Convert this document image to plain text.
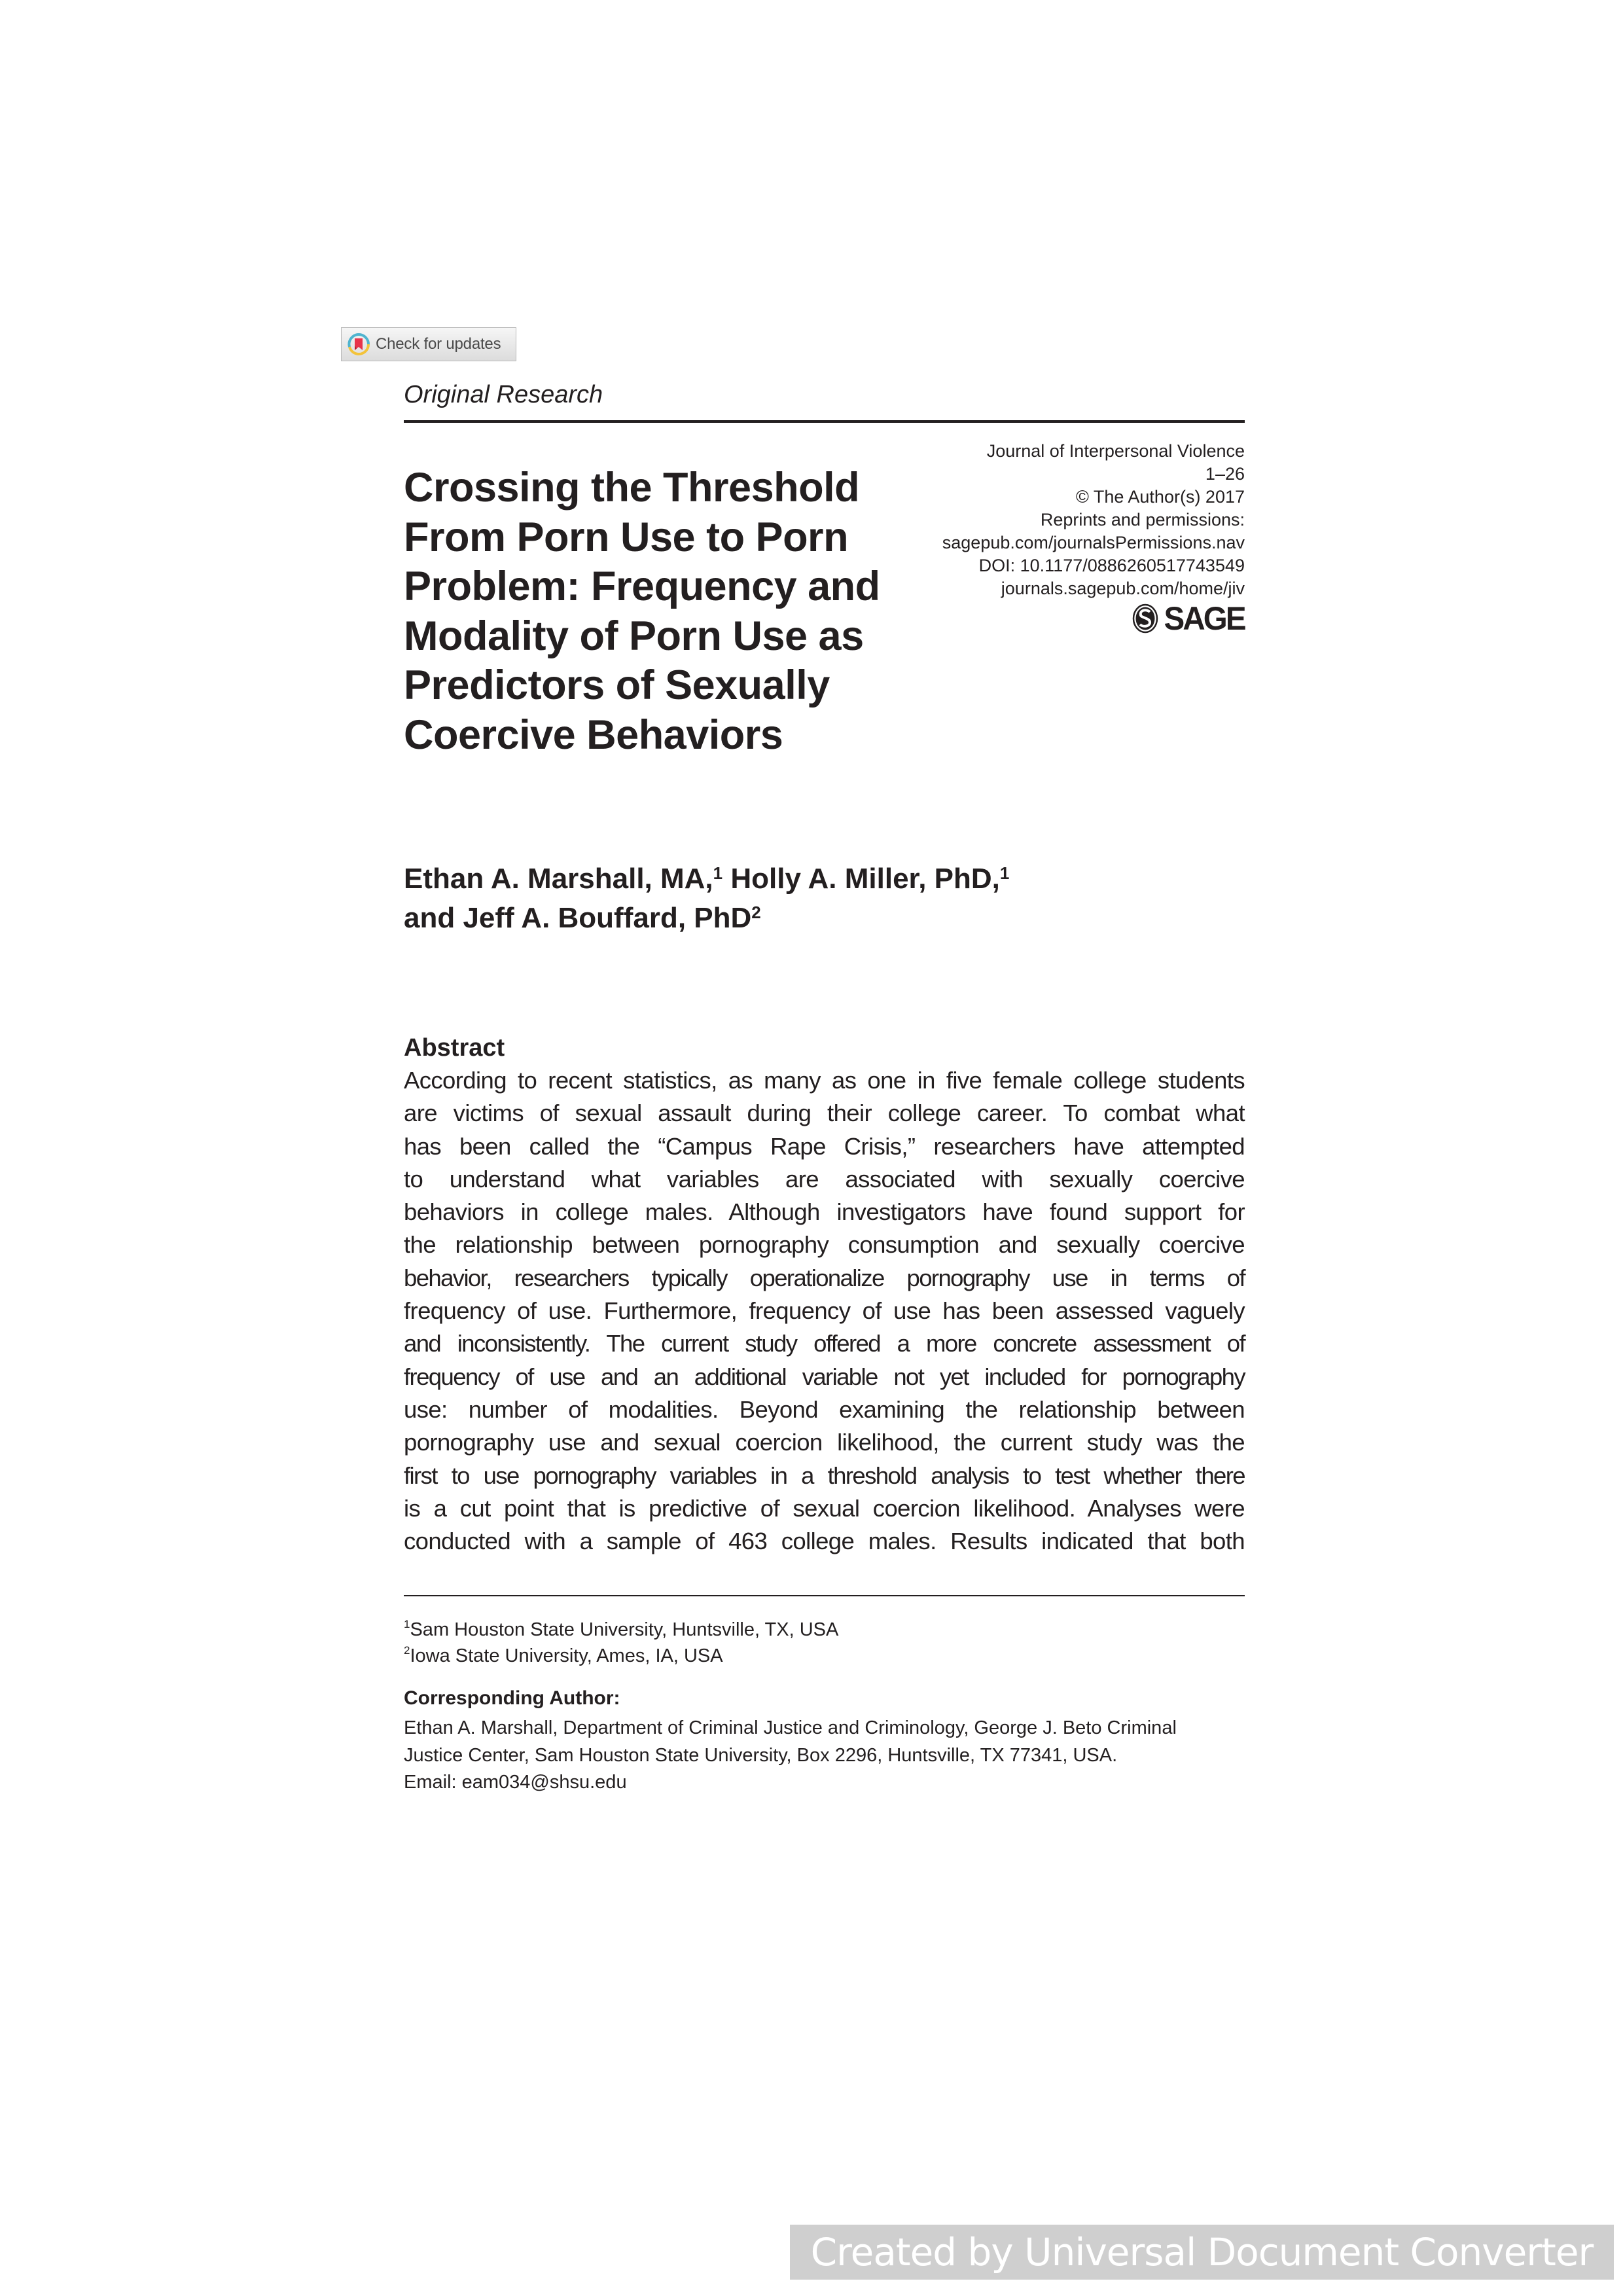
Check for updates
Original Research
Journal of Interpersonal Violence
1–26
© The Author(s) 2017
Reprints and permissions:
sagepub.com/journalsPermissions.nav
DOI: 10.1177/0886260517743549
journals.sagepub.com/home/jiv
SAGE
Crossing the Threshold
From Porn Use to Porn
Problem: Frequency and
Modality of Porn Use as
Predictors of Sexually
Coercive Behaviors
Ethan A. Marshall, MA,$^1$ Holly A. Miller, PhD,$^1$
and Jeff A. Bouffard, PhD$^2$
Abstract
According to recent statistics, as many as one in five female college students
are victims of sexual assault during their college career. To combat what
has been called the “Campus Rape Crisis,” researchers have attempted
to understand what variables are associated with sexually coercive
behaviors in college males. Although investigators have found support for
the relationship between pornography consumption and sexually coercive
behavior, researchers typically operationalize pornography use in terms of
frequency of use. Furthermore, frequency of use has been assessed vaguely
and inconsistently. The current study offered a more concrete assessment of
frequency of use and an additional variable not yet included for pornography
use: number of modalities. Beyond examining the relationship between
pornography use and sexual coercion likelihood, the current study was the
first to use pornography variables in a threshold analysis to test whether there
is a cut point that is predictive of sexual coercion likelihood. Analyses were
conducted with a sample of 463 college males. Results indicated that both
$^1$Sam Houston State University, Huntsville, TX, USA
$^2$Iowa State University, Ames, IA, USA
Corresponding Author:
Ethan A. Marshall, Department of Criminal Justice and Criminology, George J. Beto Criminal
Justice Center, Sam Houston State University, Box 2296, Huntsville, TX 77341, USA.
Email: eam034@shsu.edu
Created by Universal Document Converter
